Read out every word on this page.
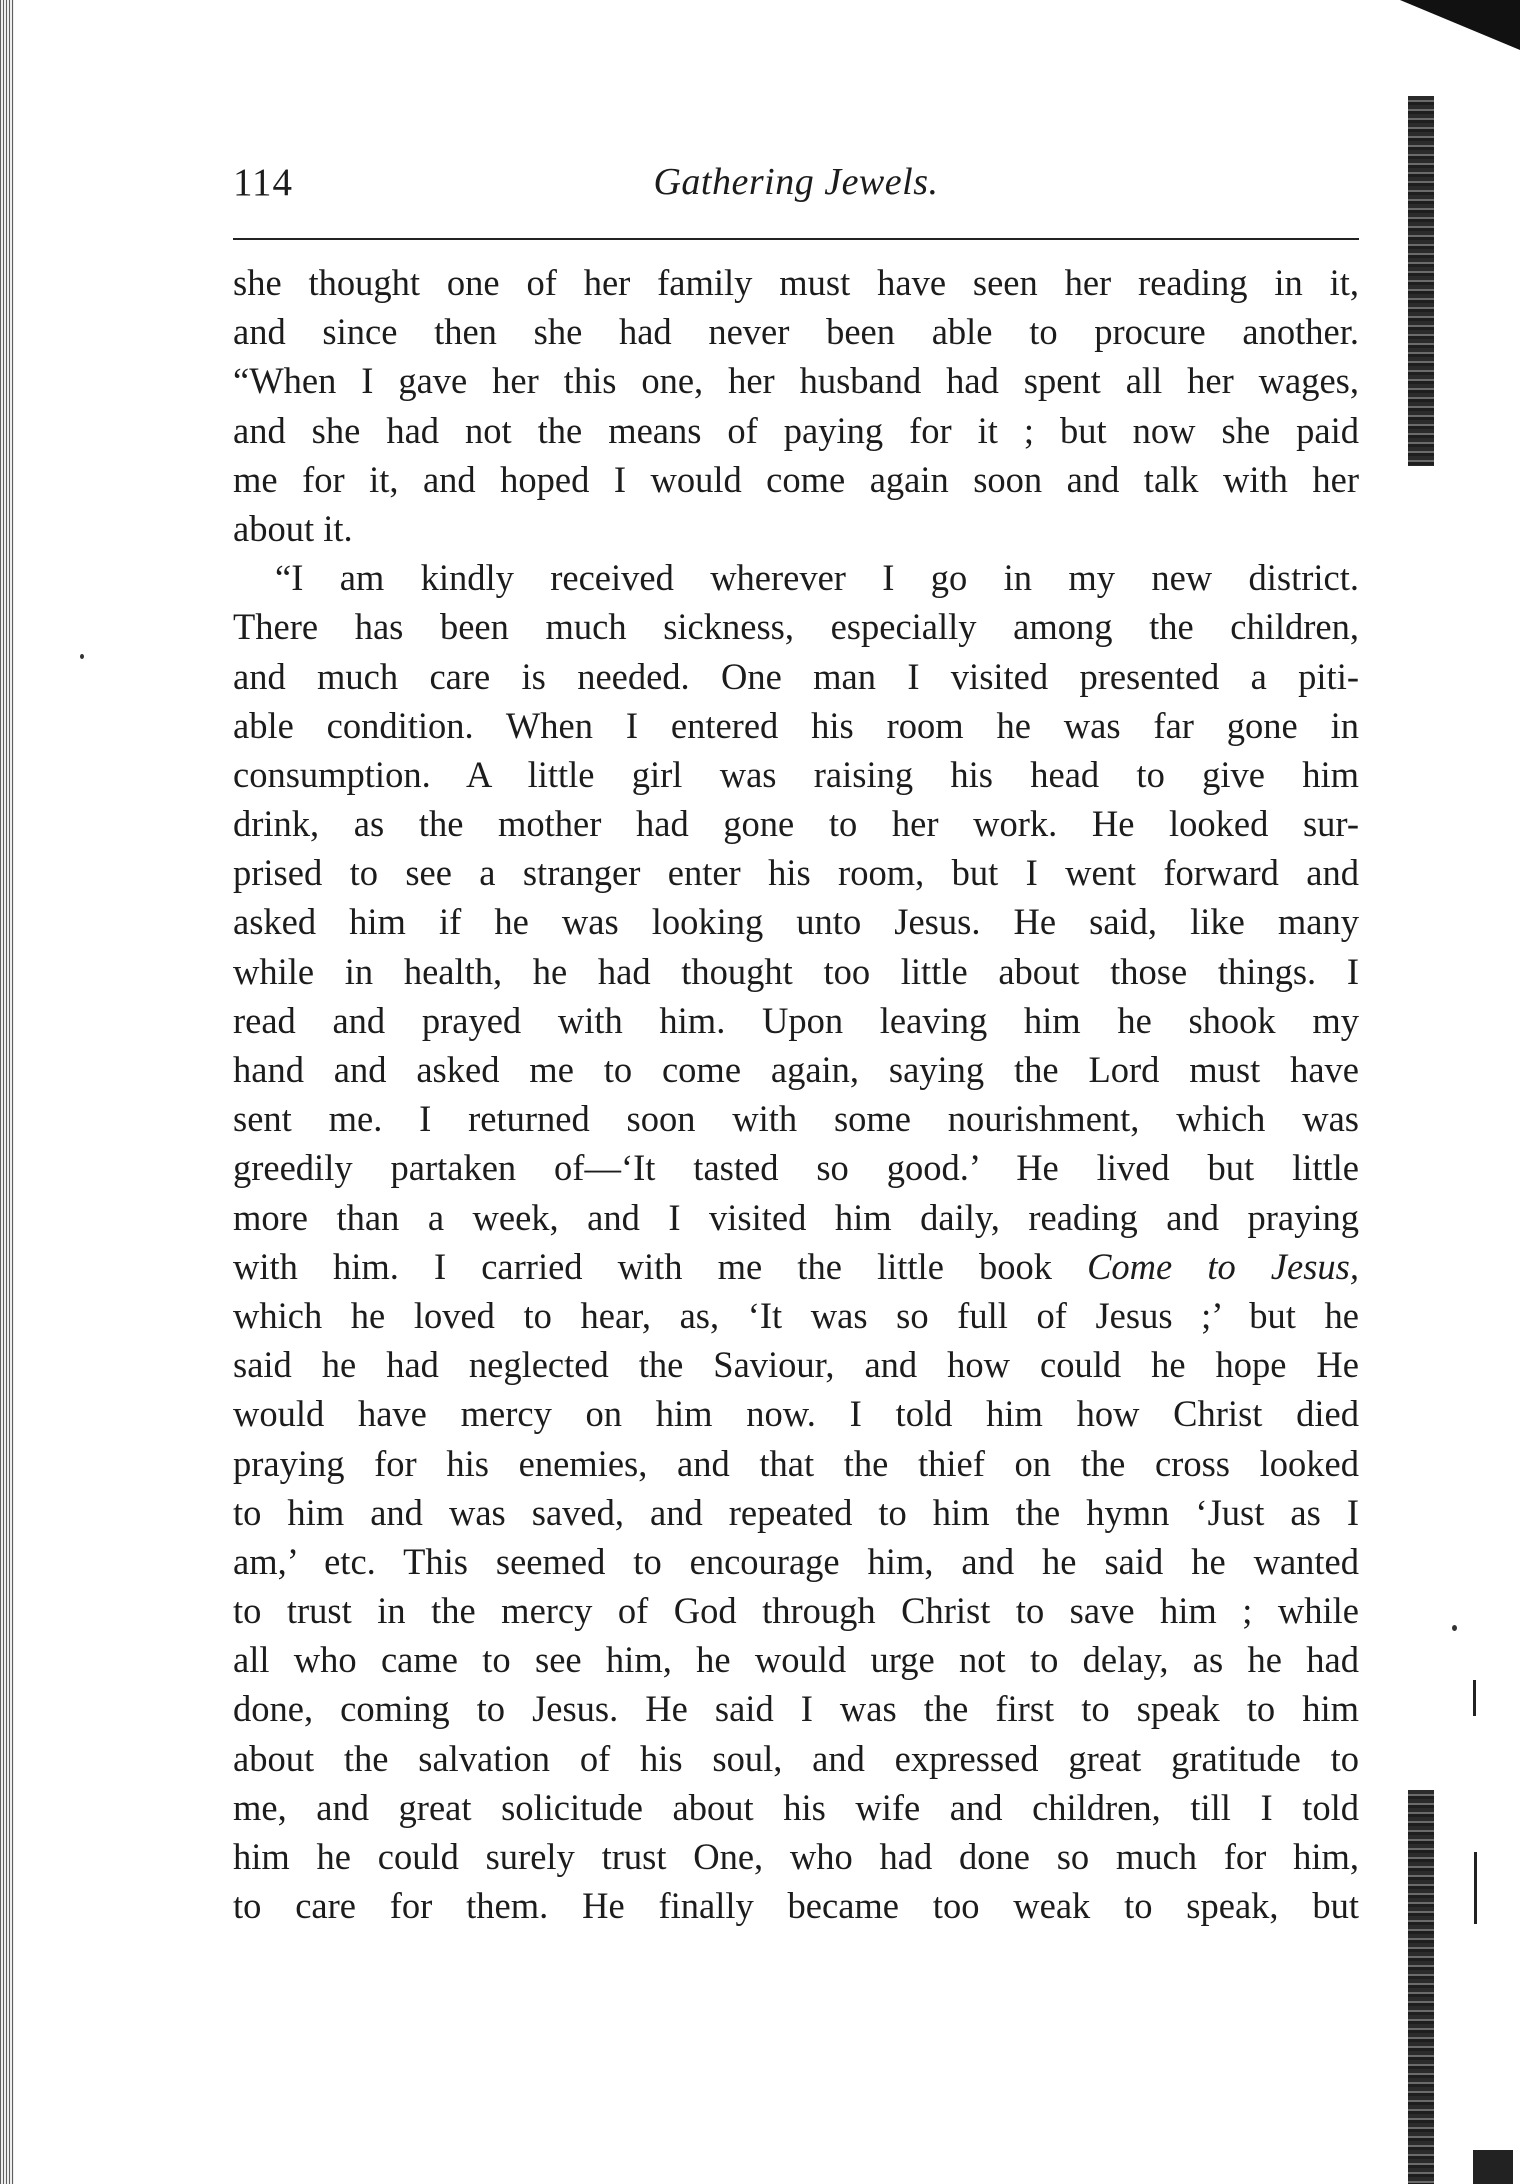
114	Gathering Jewels.
she thought one of her family must have seen her reading in it,
and since then she had never been able to procure another.
“When I gave her this one, her husband had spent all her wages,
and she had not the means of paying for it ; but now she paid
me for it, and hoped I would come again soon and talk with her
about it.
“I am kindly received wherever I go in my new district.
There has been much sickness, especially among the children,
and much care is needed. One man I visited presented a piti-
able condition. When I entered his room he was far gone in
consumption. A little girl was raising his head to give him
drink, as the mother had gone to her work. He looked sur-
prised to see a stranger enter his room, but I went forward and
asked him if he was looking unto Jesus. He said, like many
while in health, he had thought too little about those things. I
read and prayed with him. Upon leaving him he shook my
hand and asked me to come again, saying the Lord must have
sent me. I returned soon with some nourishment, which was
greedily partaken of—‘It tasted so good.’ He lived but little
more than a week, and I visited him daily, reading and praying
with him. I carried with me the little book Come to Jesus,
which he loved to hear, as, ‘It was so full of Jesus ;’ but he
said he had neglected the Saviour, and how could he hope He
would have mercy on him now. I told him how Christ died
praying for his enemies, and that the thief on the cross looked
to him and was saved, and repeated to him the hymn ‘Just as I
am,’ etc. This seemed to encourage him, and he said he wanted
to trust in the mercy of God through Christ to save him ; while
all who came to see him, he would urge not to delay, as he had
done, coming to Jesus. He said I was the first to speak to him
about the salvation of his soul, and expressed great gratitude to
me, and great solicitude about his wife and children, till I told
him he could surely trust One, who had done so much for him,
to care for them. He finally became too weak to speak, but
